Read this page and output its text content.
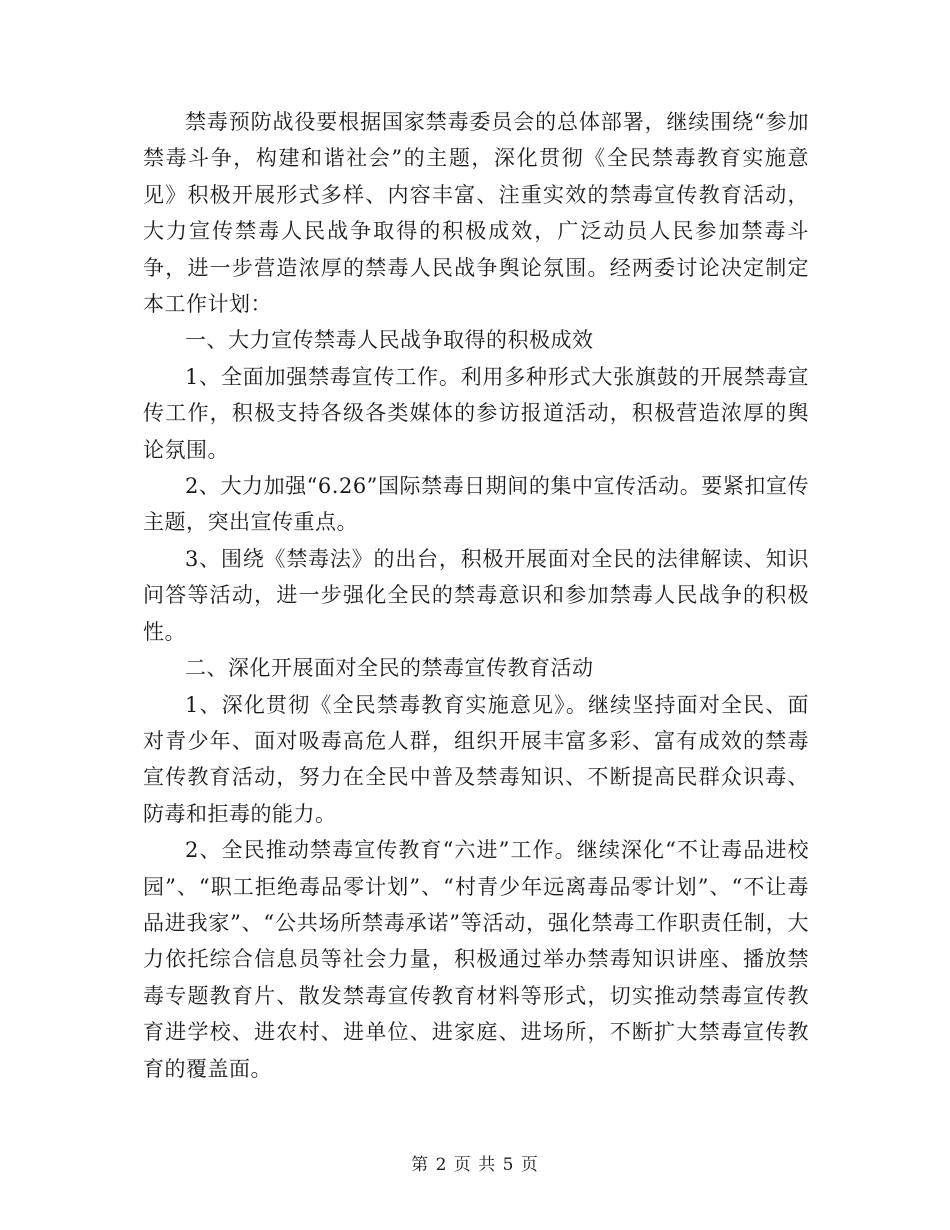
禁毒预防战役要根据国家禁毒委员会的总体部署，继续围绕“参加禁毒斗争，构建和谐社会”的主题，深化贯彻《全民禁毒教育实施意见》积极开展形式多样、内容丰富、注重实效的禁毒宣传教育活动，大力宣传禁毒人民战争取得的积极成效，广泛动员人民参加禁毒斗争，进一步营造浓厚的禁毒人民战争舆论氛围。经两委讨论决定制定本工作计划：

一、大力宣传禁毒人民战争取得的积极成效

1、全面加强禁毒宣传工作。利用多种形式大张旗鼓的开展禁毒宣传工作，积极支持各级各类媒体的参访报道活动，积极营造浓厚的舆论氛围。

2、大力加强“6.26”国际禁毒日期间的集中宣传活动。要紧扣宣传主题，突出宣传重点。

3、围绕《禁毒法》的出台，积极开展面对全民的法律解读、知识问答等活动，进一步强化全民的禁毒意识和参加禁毒人民战争的积极性。

二、深化开展面对全民的禁毒宣传教育活动

1、深化贯彻《全民禁毒教育实施意见》。继续坚持面对全民、面对青少年、面对吸毒高危人群，组织开展丰富多彩、富有成效的禁毒宣传教育活动，努力在全民中普及禁毒知识、不断提高民群众识毒、防毒和拒毒的能力。

2、全民推动禁毒宣传教育“六进”工作。继续深化“不让毒品进校园”、“职工拒绝毒品零计划”、“村青少年远离毒品零计划”、“不让毒品进我家”、“公共场所禁毒承诺”等活动，强化禁毒工作职责任制，大力依托综合信息员等社会力量，积极通过举办禁毒知识讲座、播放禁毒专题教育片、散发禁毒宣传教育材料等形式，切实推动禁毒宣传教育进学校、进农村、进单位、进家庭、进场所，不断扩大禁毒宣传教育的覆盖面。

第 2 页 共 5 页
